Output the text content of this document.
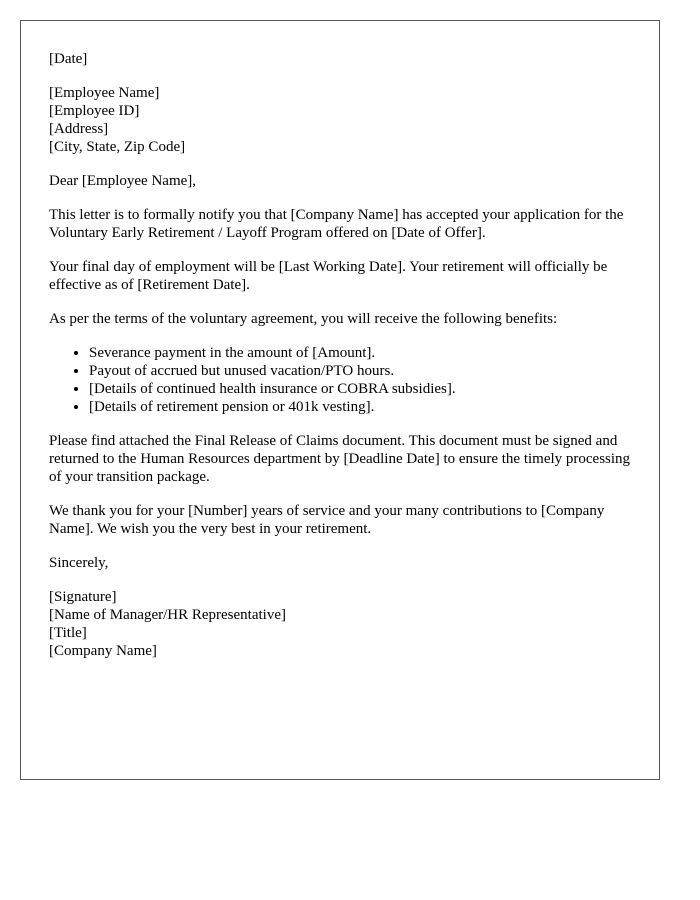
[Date]

[Employee Name]
[Employee ID]
[Address]
[City, State, Zip Code]

Dear [Employee Name],

This letter is to formally notify you that [Company Name] has accepted your application for the Voluntary Early Retirement / Layoff Program offered on [Date of Offer].

Your final day of employment will be [Last Working Date]. Your retirement will officially be effective as of [Retirement Date].

As per the terms of the voluntary agreement, you will receive the following benefits:

• Severance payment in the amount of [Amount].
• Payout of accrued but unused vacation/PTO hours.
• [Details of continued health insurance or COBRA subsidies].
• [Details of retirement pension or 401k vesting].

Please find attached the Final Release of Claims document. This document must be signed and returned to the Human Resources department by [Deadline Date] to ensure the timely processing of your transition package.

We thank you for your [Number] years of service and your many contributions to [Company Name]. We wish you the very best in your retirement.

Sincerely,

[Signature]
[Name of Manager/HR Representative]
[Title]
[Company Name]
